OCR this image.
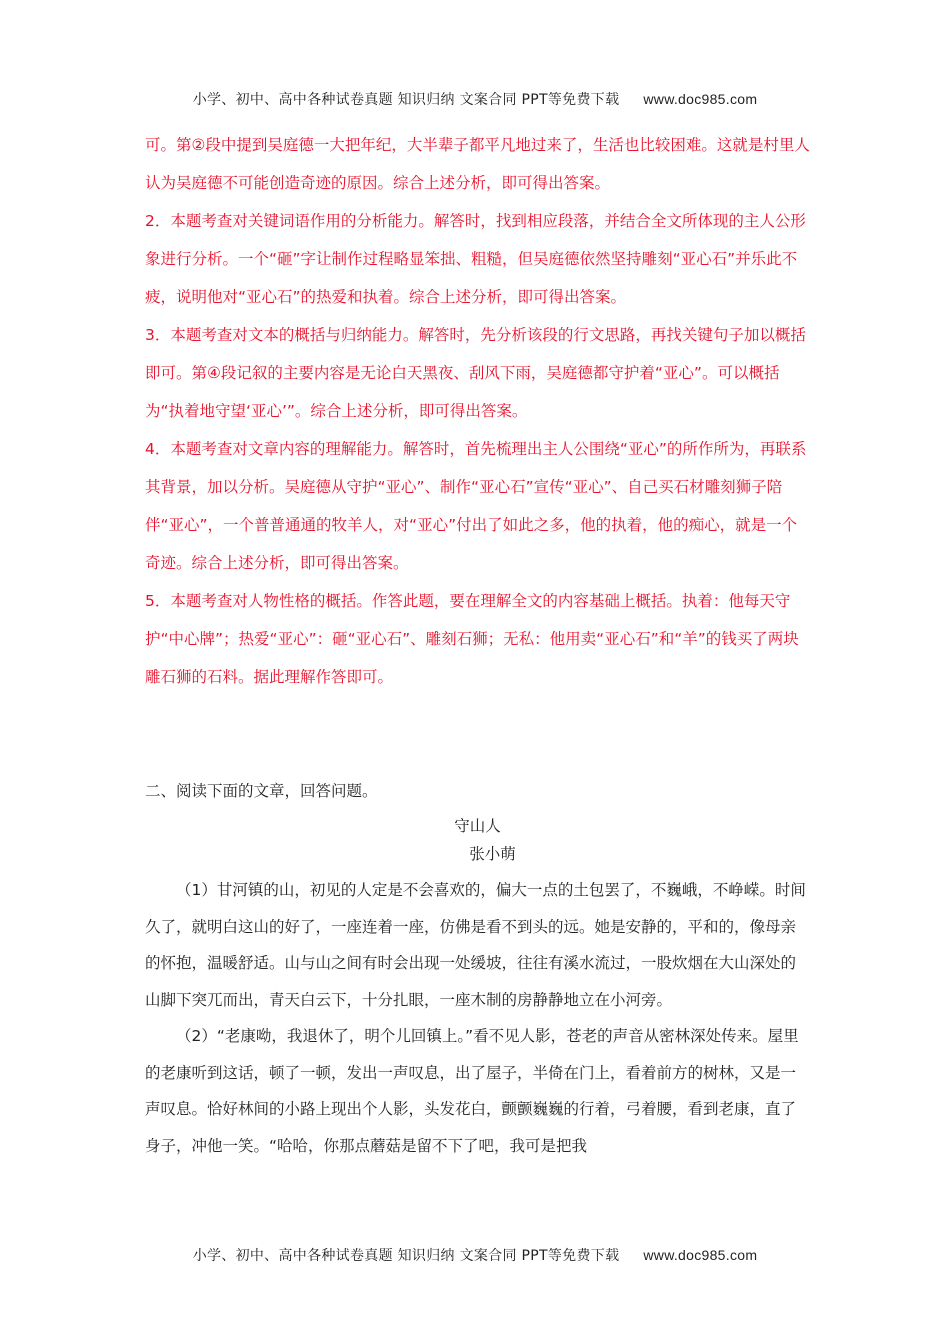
小学、初中、高中各种试卷真题 知识归纳 文案合同 PPT等免费下载 www.doc985.com

可。第②段中提到吴庭德一大把年纪，大半辈子都平凡地过来了，生活也比较困难。这就是村里人认为吴庭德不可能创造奇迹的原因。综合上述分析，即可得出答案。

2．本题考查对关键词语作用的分析能力。解答时，找到相应段落，并结合全文所体现的主人公形象进行分析。一个“砸”字让制作过程略显笨拙、粗糙，但吴庭德依然坚持雕刻“亚心石”并乐此不疲，说明他对“亚心石”的热爱和执着。综合上述分析，即可得出答案。

3．本题考查对文本的概括与归纳能力。解答时，先分析该段的行文思路，再找关键句子加以概括即可。第④段记叙的主要内容是无论白天黑夜、刮风下雨，吴庭德都守护着“亚心”。可以概括为“执着地守望‘亚心’”。综合上述分析，即可得出答案。

4．本题考查对文章内容的理解能力。解答时，首先梳理出主人公围绕“亚心”的所作所为，再联系其背景，加以分析。吴庭德从守护“亚心”、制作“亚心石”宣传“亚心”、自己买石材雕刻狮子陪伴“亚心”，一个普普通通的牧羊人，对“亚心”付出了如此之多，他的执着，他的痴心，就是一个奇迹。综合上述分析，即可得出答案。

5．本题考查对人物性格的概括。作答此题，要在理解全文的内容基础上概括。执着：他每天守护“中心牌”；热爱“亚心”：砸“亚心石”、雕刻石狮；无私：他用卖“亚心石”和“羊”的钱买了两块雕石狮的石料。据此理解作答即可。

二、阅读下面的文章，回答问题。

守山人

张小萌

（1）甘河镇的山，初见的人定是不会喜欢的，偏大一点的土包罢了，不巍峨，不峥嵘。时间久了，就明白这山的好了，一座连着一座，仿佛是看不到头的远。她是安静的，平和的，像母亲的怀抱，温暖舒适。山与山之间有时会出现一处缓坡，往往有溪水流过，一股炊烟在大山深处的山脚下突兀而出，青天白云下，十分扎眼，一座木制的房静静地立在小河旁。

（2）“老康呦，我退休了，明个儿回镇上。”看不见人影，苍老的声音从密林深处传来。屋里的老康听到这话，顿了一顿，发出一声叹息，出了屋子，半倚在门上，看着前方的树林，又是一声叹息。恰好林间的小路上现出个人影，头发花白，颤颤巍巍的行着，弓着腰，看到老康，直了身子，冲他一笑。“哈哈，你那点蘑菇是留不下了吧，我可是把我

小学、初中、高中各种试卷真题 知识归纳 文案合同 PPT等免费下载 www.doc985.com
